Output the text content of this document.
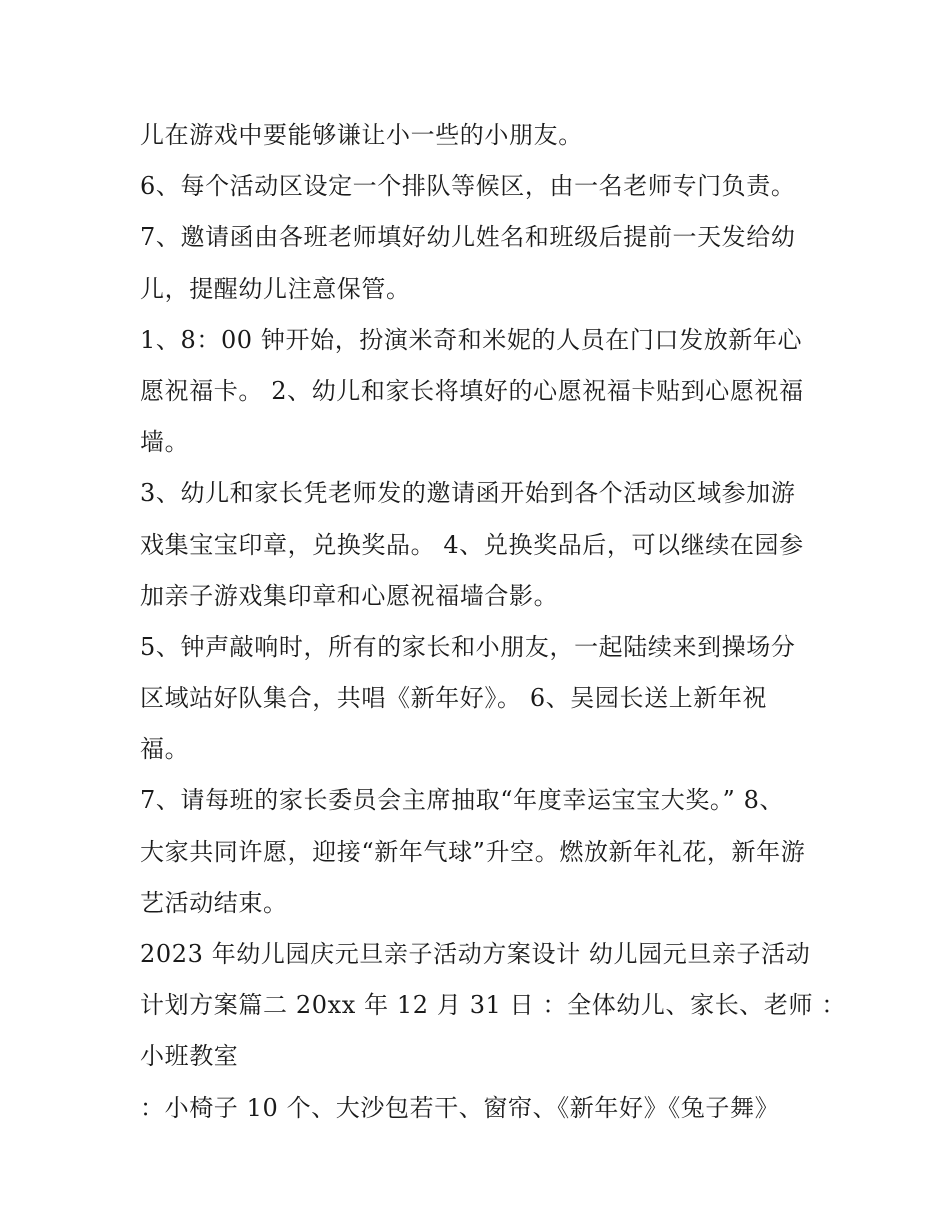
儿在游戏中要能够谦让小一些的小朋友。
6、每个活动区设定一个排队等候区，由一名老师专门负责。
7、邀请函由各班老师填好幼儿姓名和班级后提前一天发给幼
儿，提醒幼儿注意保管。
1、8：00 钟开始，扮演米奇和米妮的人员在门口发放新年心
愿祝福卡。 2、幼儿和家长将填好的心愿祝福卡贴到心愿祝福
墙。
3、幼儿和家长凭老师发的邀请函开始到各个活动区域参加游
戏集宝宝印章，兑换奖品。 4、兑换奖品后，可以继续在园参
加亲子游戏集印章和心愿祝福墙合影。
5、钟声敲响时，所有的家长和小朋友，一起陆续来到操场分
区域站好队集合，共唱《新年好》。 6、吴园长送上新年祝
福。
7、请每班的家长委员会主席抽取“年度幸运宝宝大奖。” 8、
大家共同许愿，迎接“新年气球”升空。燃放新年礼花，新年游
艺活动结束。
2023 年幼儿园庆元旦亲子活动方案设计 幼儿园元旦亲子活动
计划方案篇二 20xx 年 12 月 31 日 ：全体幼儿、家长、老师 ：
小班教室
：小椅子 10 个、大沙包若干、窗帘、《新年好》《兔子舞》
